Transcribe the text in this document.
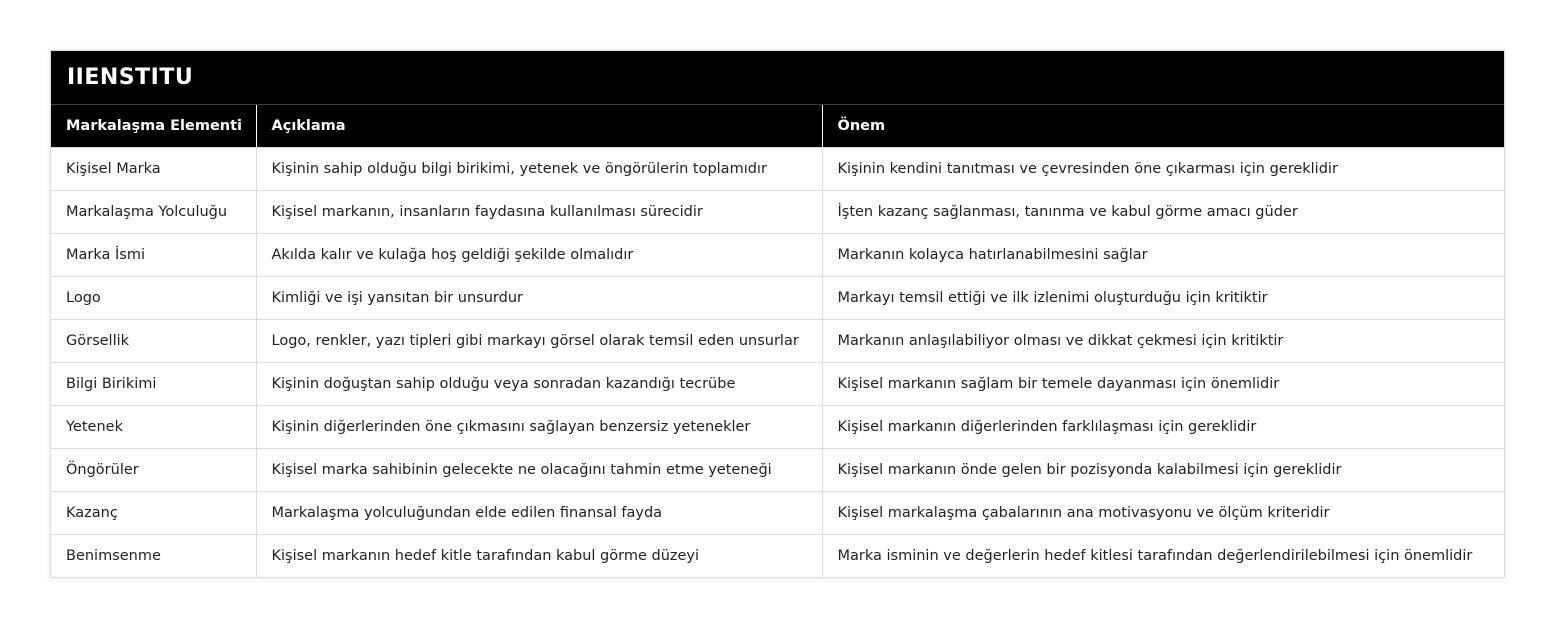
IIENSTITU
Markalaşma Elementi	Açıklama	Önem
Kişisel Marka	Kişinin sahip olduğu bilgi birikimi, yetenek ve öngörülerin toplamıdır	Kişinin kendini tanıtması ve çevresinden öne çıkarması için gereklidir
Markalaşma Yolculuğu	Kişisel markanın, insanların faydasına kullanılması sürecidir	İşten kazanç sağlanması, tanınma ve kabul görme amacı güder
Marka İsmi	Akılda kalır ve kulağa hoş geldiği şekilde olmalıdır	Markanın kolayca hatırlanabilmesini sağlar
Logo	Kimliği ve işi yansıtan bir unsurdur	Markayı temsil ettiği ve ilk izlenimi oluşturduğu için kritiktir
Görsellik	Logo, renkler, yazı tipleri gibi markayı görsel olarak temsil eden unsurlar	Markanın anlaşılabiliyor olması ve dikkat çekmesi için kritiktir
Bilgi Birikimi	Kişinin doğuştan sahip olduğu veya sonradan kazandığı tecrübe	Kişisel markanın sağlam bir temele dayanması için önemlidir
Yetenek	Kişinin diğerlerinden öne çıkmasını sağlayan benzersiz yetenekler	Kişisel markanın diğerlerinden farklılaşması için gereklidir
Öngörüler	Kişisel marka sahibinin gelecekte ne olacağını tahmin etme yeteneği	Kişisel markanın önde gelen bir pozisyonda kalabilmesi için gereklidir
Kazanç	Markalaşma yolculuğundan elde edilen finansal fayda	Kişisel markalaşma çabalarının ana motivasyonu ve ölçüm kriteridir
Benimsenme	Kişisel markanın hedef kitle tarafından kabul görme düzeyi	Marka isminin ve değerlerin hedef kitlesi tarafından değerlendirilebilmesi için önemlidir
